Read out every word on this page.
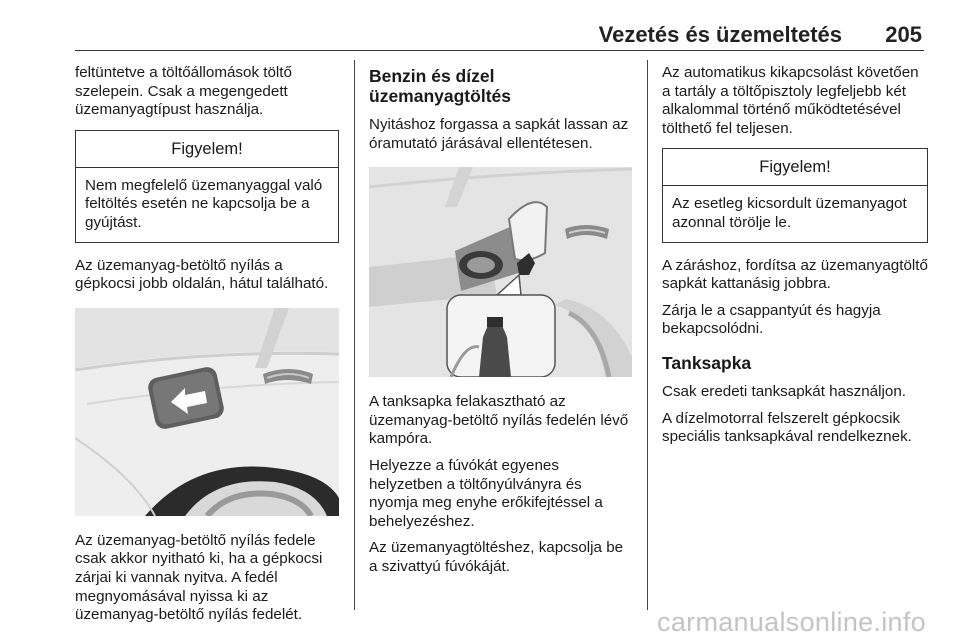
Vezetés és üzemeltetés 205

feltüntetve a töltőállomások töltő szelepein. Csak a megengedett üzemanyagtípust használja.

Figyelem!
Nem megfelelő üzemanyaggal való feltöltés esetén ne kapcsolja be a gyújtást.

Az üzemanyag-betöltő nyílás a gépkocsi jobb oldalán, hátul található.

Az üzemanyag-betöltő nyílás fedele csak akkor nyitható ki, ha a gépkocsi zárjai ki vannak nyitva. A fedél megnyomásával nyissa ki az üzemanyag-betöltő nyílás fedelét.

Benzin és dízel üzemanyagtöltés

Nyitáshoz forgassa a sapkát lassan az óramutató járásával ellentétesen.

A tanksapka felakasztható az üzemanyag-betöltő nyílás fedelén lévő kampóra.

Helyezze a fúvókát egyenes helyzetben a töltőnyúlványra és nyomja meg enyhe erőkifejtéssel a behelyezéshez.

Az üzemanyagtöltéshez, kapcsolja be a szivattyú fúvókáját.

Az automatikus kikapcsolást követően a tartály a töltőpisztoly legfeljebb két alkalommal történő működtetésével tölthető fel teljesen.

Figyelem!
Az esetleg kicsordult üzemanyagot azonnal törölje le.

A záráshoz, fordítsa az üzemanyagtöltő sapkát kattanásig jobbra.

Zárja le a csappantyút és hagyja bekapcsolódni.

Tanksapka

Csak eredeti tanksapkát használjon.

A dízelmotorral felszerelt gépkocsik speciális tanksapkával rendelkeznek.

carmanualsonline.info
